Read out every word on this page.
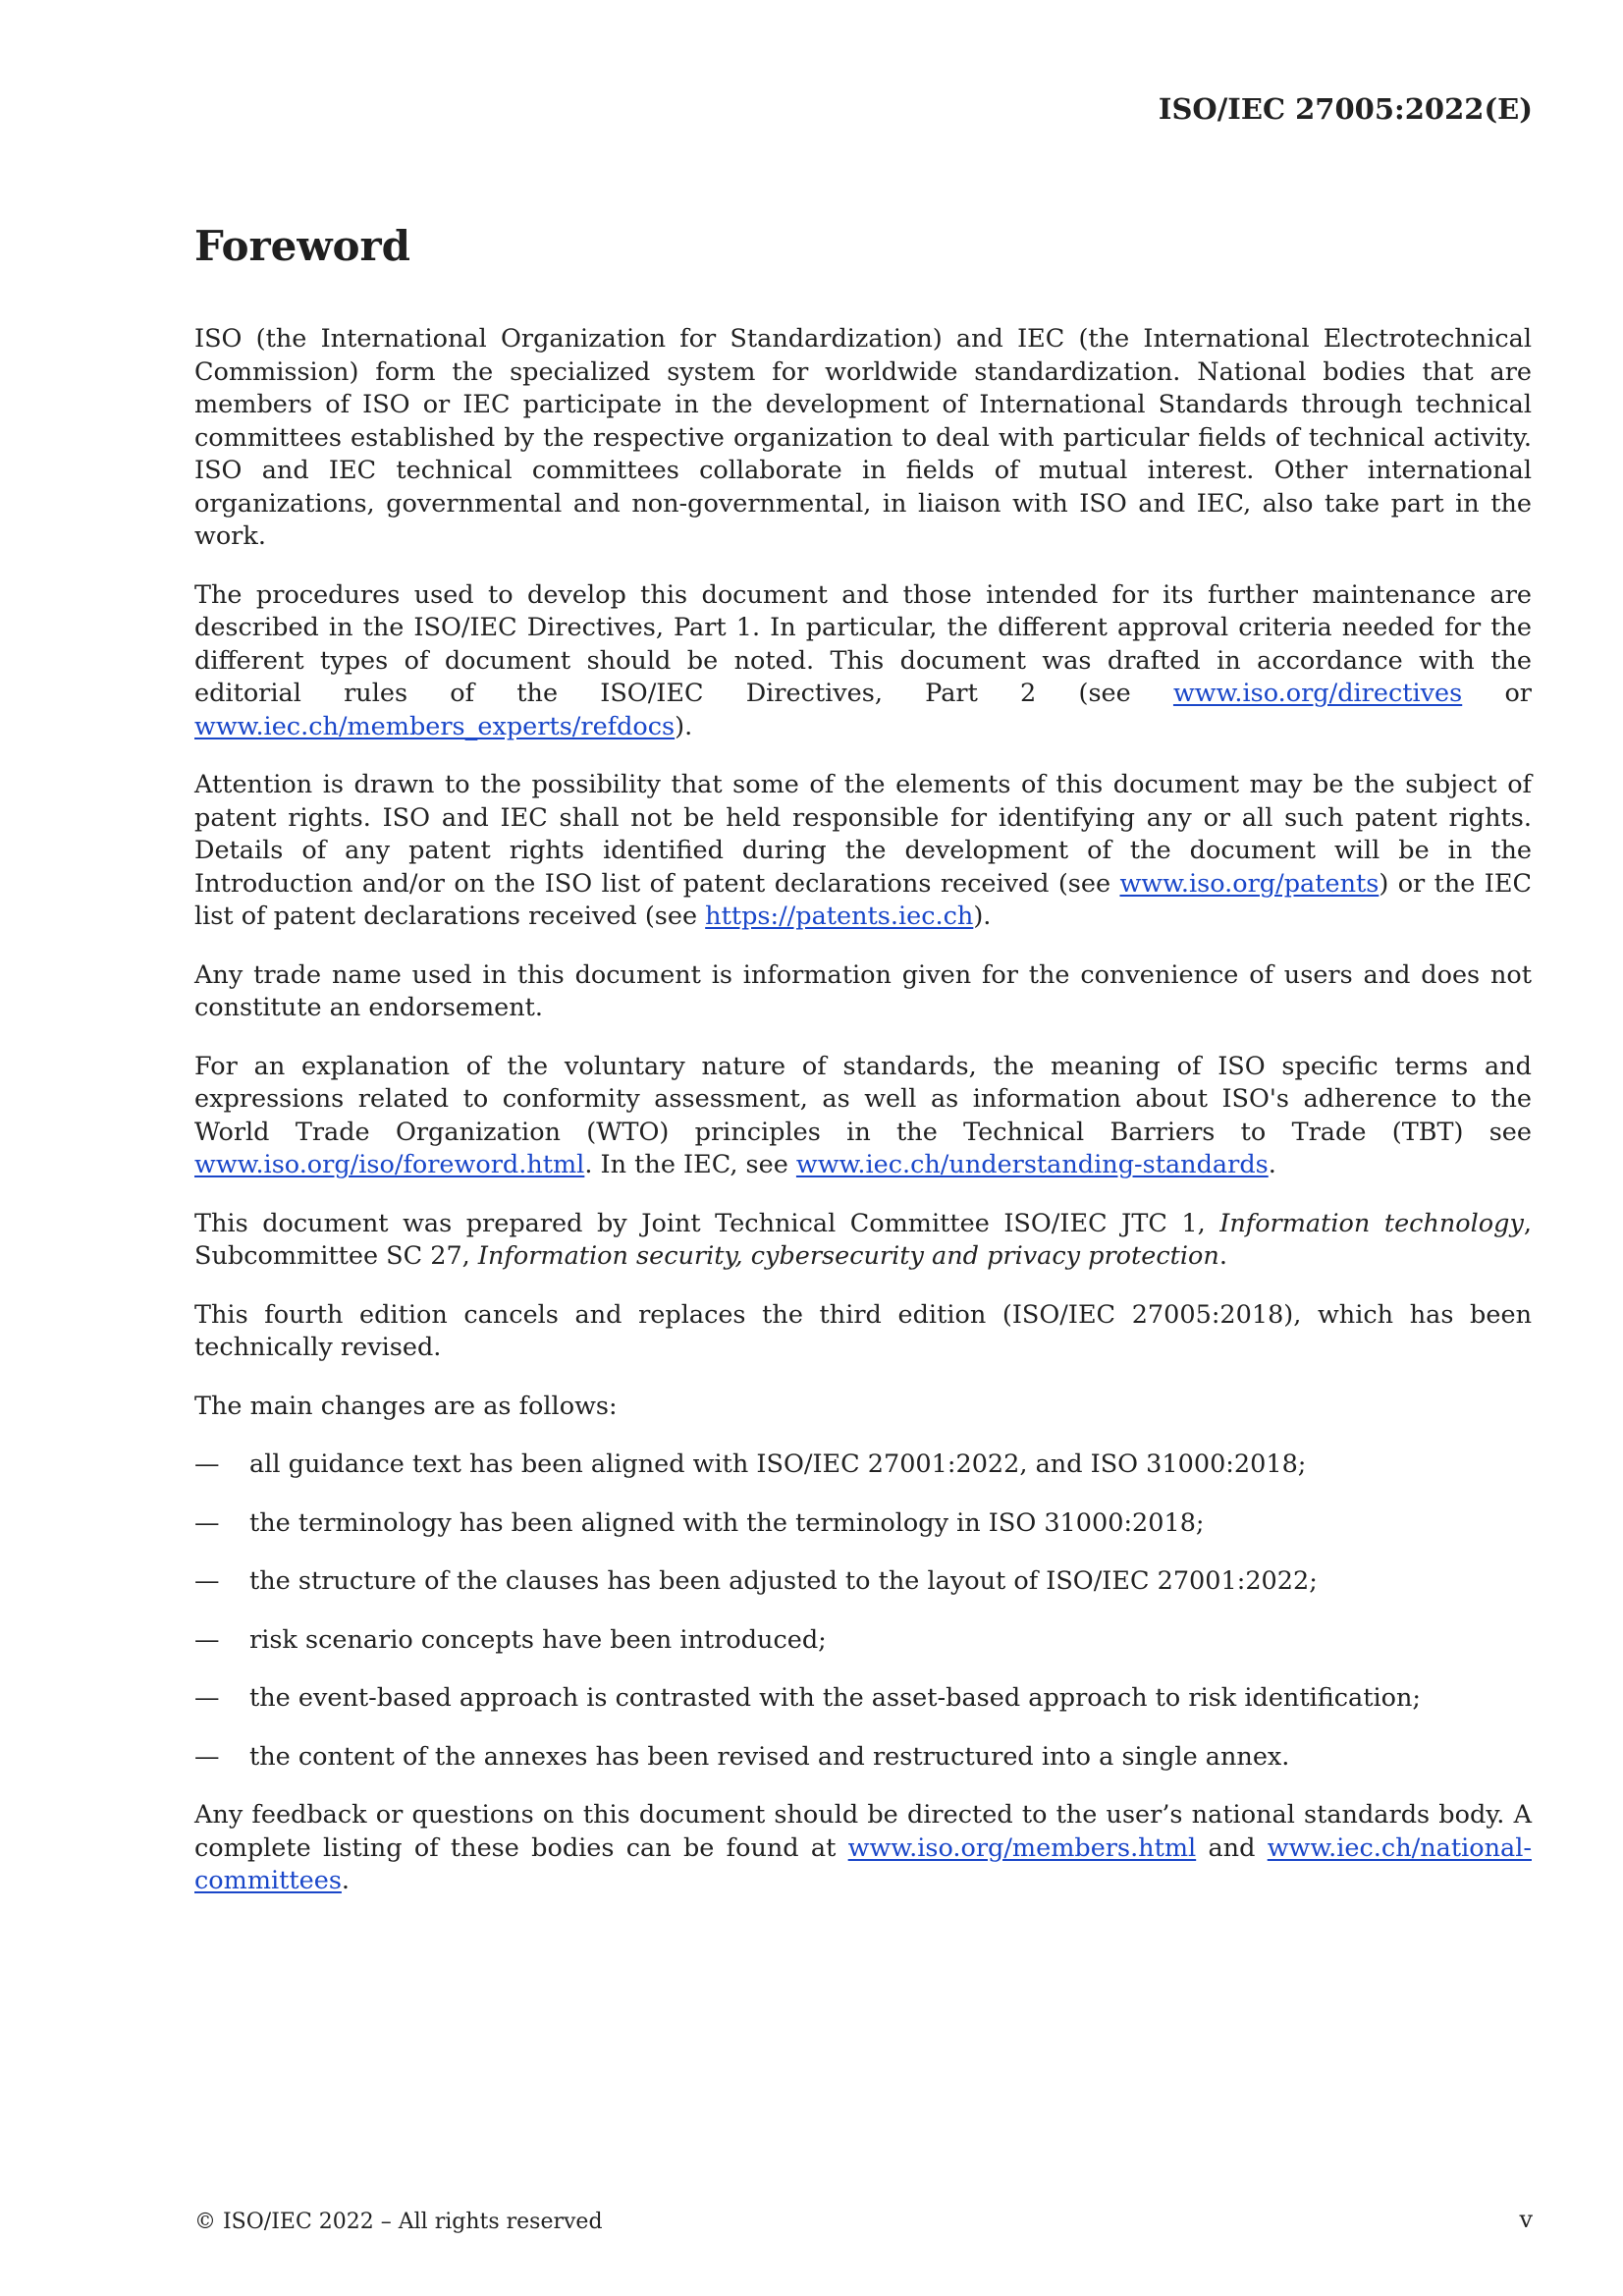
ISO/IEC 27005:2022(E)
Foreword

ISO (the International Organization for Standardization) and IEC (the International Electrotechnical Commission) form the specialized system for worldwide standardization. National bodies that are members of ISO or IEC participate in the development of International Standards through technical committees established by the respective organization to deal with particular fields of technical activity. ISO and IEC technical committees collaborate in fields of mutual interest. Other international organizations, governmental and non-governmental, in liaison with ISO and IEC, also take part in the work.

The procedures used to develop this document and those intended for its further maintenance are described in the ISO/IEC Directives, Part 1. In particular, the different approval criteria needed for the different types of document should be noted. This document was drafted in accordance with the editorial rules of the ISO/IEC Directives, Part 2 (see www.iso.org/directives or www.iec.ch/members_experts/refdocs).

Attention is drawn to the possibility that some of the elements of this document may be the subject of patent rights. ISO and IEC shall not be held responsible for identifying any or all such patent rights. Details of any patent rights identified during the development of the document will be in the Introduction and/or on the ISO list of patent declarations received (see www.iso.org/patents) or the IEC list of patent declarations received (see https://patents.iec.ch).

Any trade name used in this document is information given for the convenience of users and does not constitute an endorsement.

For an explanation of the voluntary nature of standards, the meaning of ISO specific terms and expressions related to conformity assessment, as well as information about ISO's adherence to the World Trade Organization (WTO) principles in the Technical Barriers to Trade (TBT) see www.iso.org/iso/foreword.html. In the IEC, see www.iec.ch/understanding-standards.

This document was prepared by Joint Technical Committee ISO/IEC JTC 1, Information technology, Subcommittee SC 27, Information security, cybersecurity and privacy protection.

This fourth edition cancels and replaces the third edition (ISO/IEC 27005:2018), which has been technically revised.

The main changes are as follows:

—	all guidance text has been aligned with ISO/IEC 27001:2022, and ISO 31000:2018;
—	the terminology has been aligned with the terminology in ISO 31000:2018;
—	the structure of the clauses has been adjusted to the layout of ISO/IEC 27001:2022;
—	risk scenario concepts have been introduced;
—	the event-based approach is contrasted with the asset-based approach to risk identification;
—	the content of the annexes has been revised and restructured into a single annex.

Any feedback or questions on this document should be directed to the user’s national standards body. A complete listing of these bodies can be found at www.iso.org/members.html and www.iec.ch/national-committees.

© ISO/IEC 2022 – All rights reserved	v
